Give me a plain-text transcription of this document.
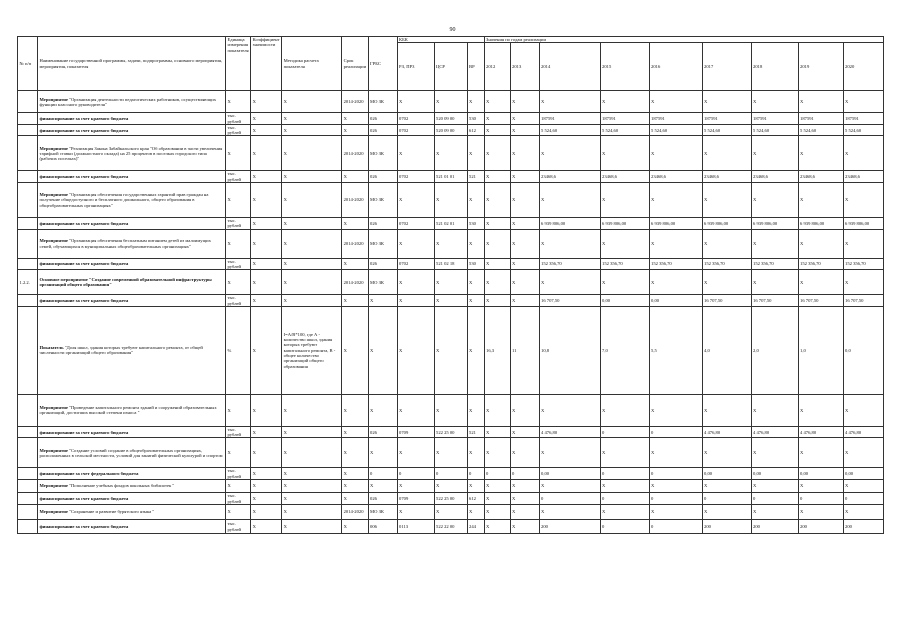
90
№ п/п	Наименование государственной программы, задачи, подпрограммы, основного мероприятия, мероприятия, показателя	Единица измерения показателя	Коэффициент значимости	Методика расчета показателя	Срок реализации	ГРБС	КБК			Значения по годам реализации								
							РЗ, ПР3	ЦСР	ВР	2012	2013	2014	2015	2016	2017	2018	2019	2020
	Мероприятие "Организация деятельности педагогических работников, осуществляющих функции классного руководителя"	X	X	X	2014-2020	МО ЗК	X	X	X	X	X	X	X	X	X	X	X	X
	финансирование за счет краевого бюджета	тыс. рублей	X	X	X	026	0702	520 09 00	530	X	X	187591	187591	187591	187591	187591	187591	187591
	финансирование за счет краевого бюджета	тыс. рублей	X	X	X	026	0702	520 09 00	612	X	X	5 524,60	5 524,60	5 524,60	5 524,60	5 524,60	5 524,60	5 524,60
	Мероприятие "Реализация Закона Забайкальского края "Об образовании в части увеличения тарифной ставки (должностного оклада) на 25 процентов в поселках городского типа (рабочих поселках)"	X	X	X	2014-2020	МО ЗК	X	X	X	X	X	X	X	X	X	X	X	X
	финансирование за счет краевого бюджета	тыс. рублей	X	X	X	026	0702	521 01 01	521	X	X	23468,6	23468,6	23468,6	23468,6	23468,6	23468,6	23468,6
	Мероприятие "Организация обеспечения государственных гарантий прав граждан на получение общедоступного и бесплатного дошкольного, общего образования в общеобразовательных организациях"	X	X	X	2014-2020	МО ЗК	X	X	X	X	X	X	X	X	X	X	X	X
	финансирование за счет краевого бюджета	тыс. рублей	X	X	X	026	0702	521 02 01	530	X	X	6 939 806,00	6 939 806,00	6 939 806,00	6 939 806,00	6 939 806,00	6 939 806,00	6 939 806,00
	Мероприятие "Организация обеспечения бесплатным питанием детей из малоимущих семей, обучающихся в муниципальных общеобразовательных организациях"	X	X	X	2014-2020	МО ЗК	X	X	X	X	X	X	X	X	X	X	X	X
	финансирование за счет краевого бюджета	тыс. рублей	X	X	X	026	0702	521 02 18	530	X	X	152 356,70	152 356,70	152 356,70	152 356,70	152 356,70	152 356,70	152 356,70
1.2.2.	Основное мероприятие "Создание современной образовательной инфраструктуры организаций общего образования"	X	X	X	2014-2020	МО ЗК	X	X	X	X	X	X	X	X	X	X	X	X
	финансирование за счет краевого бюджета	тыс. рублей	X	X	X	X	X	X	X	X	X	16 707,50	0,00	0,00	16 707,50	16 707,50	16 707,50	16 707,50
	Показатель "Доля школ, здания которых требуют капитального ремонта, от общей численности организаций общего образования"	%	X	I=A/B*100, где А - количество школ, здания которых требуют капитального ремонта, В - общее количество организаций общего образования	X	X	X	X	X	16,3	11	10,8	7,0	5,5	4,0	2,0	1,0	0,0
	Мероприятие "Проведение капитального ремонта зданий и сооружений образовательных организаций, достигших высокой степени износа "	X	X	X	X	X	X	X	X	X	X	X	X	X	X	X	X	X
	финансирование за счет краевого бюджета	тыс. рублей	X	X	X	026	0709	522 25 00	521	X	X	4 476,80	0	0	4 476,80	4 476,80	4 476,80	4 476,80
	Мероприятие "Создание условий создание в общеобразовательных организациях, расположенных в сельской местности, условий для занятий физической культурой и спортом	X	X	X	X	X	X	X	X	X	X	X	X	X	X	X	X	X
	финансирование за счет федерального бюджета	тыс. рублей	X	X	X	0	0	0	0	0	0	0,00	0	0	0,00	0,00	0,00	0,00
	Мероприятие "Пополнение учебных фондов школьных библиотек "	X	X	X	X	X	X	X	X	X	X	X	X	X	X	X	X	X
	финансирование за счет краевого бюджета	тыс. рублей	X	X	X	026	0709	522 25 00	612	X	X	0	0	0	0	0	0	0
	Мероприятие "Сохранение и развитие бурятского языка "	X	X	X	2014-2020	МО ЗК	X	X	X	X	X	X	X	X	X	X	X	X
	финансирование за счет краевого бюджета	тыс. рублей	X	X	X	006	0113	522 22 00	244	X	X	200	0	0	200	200	200	200
